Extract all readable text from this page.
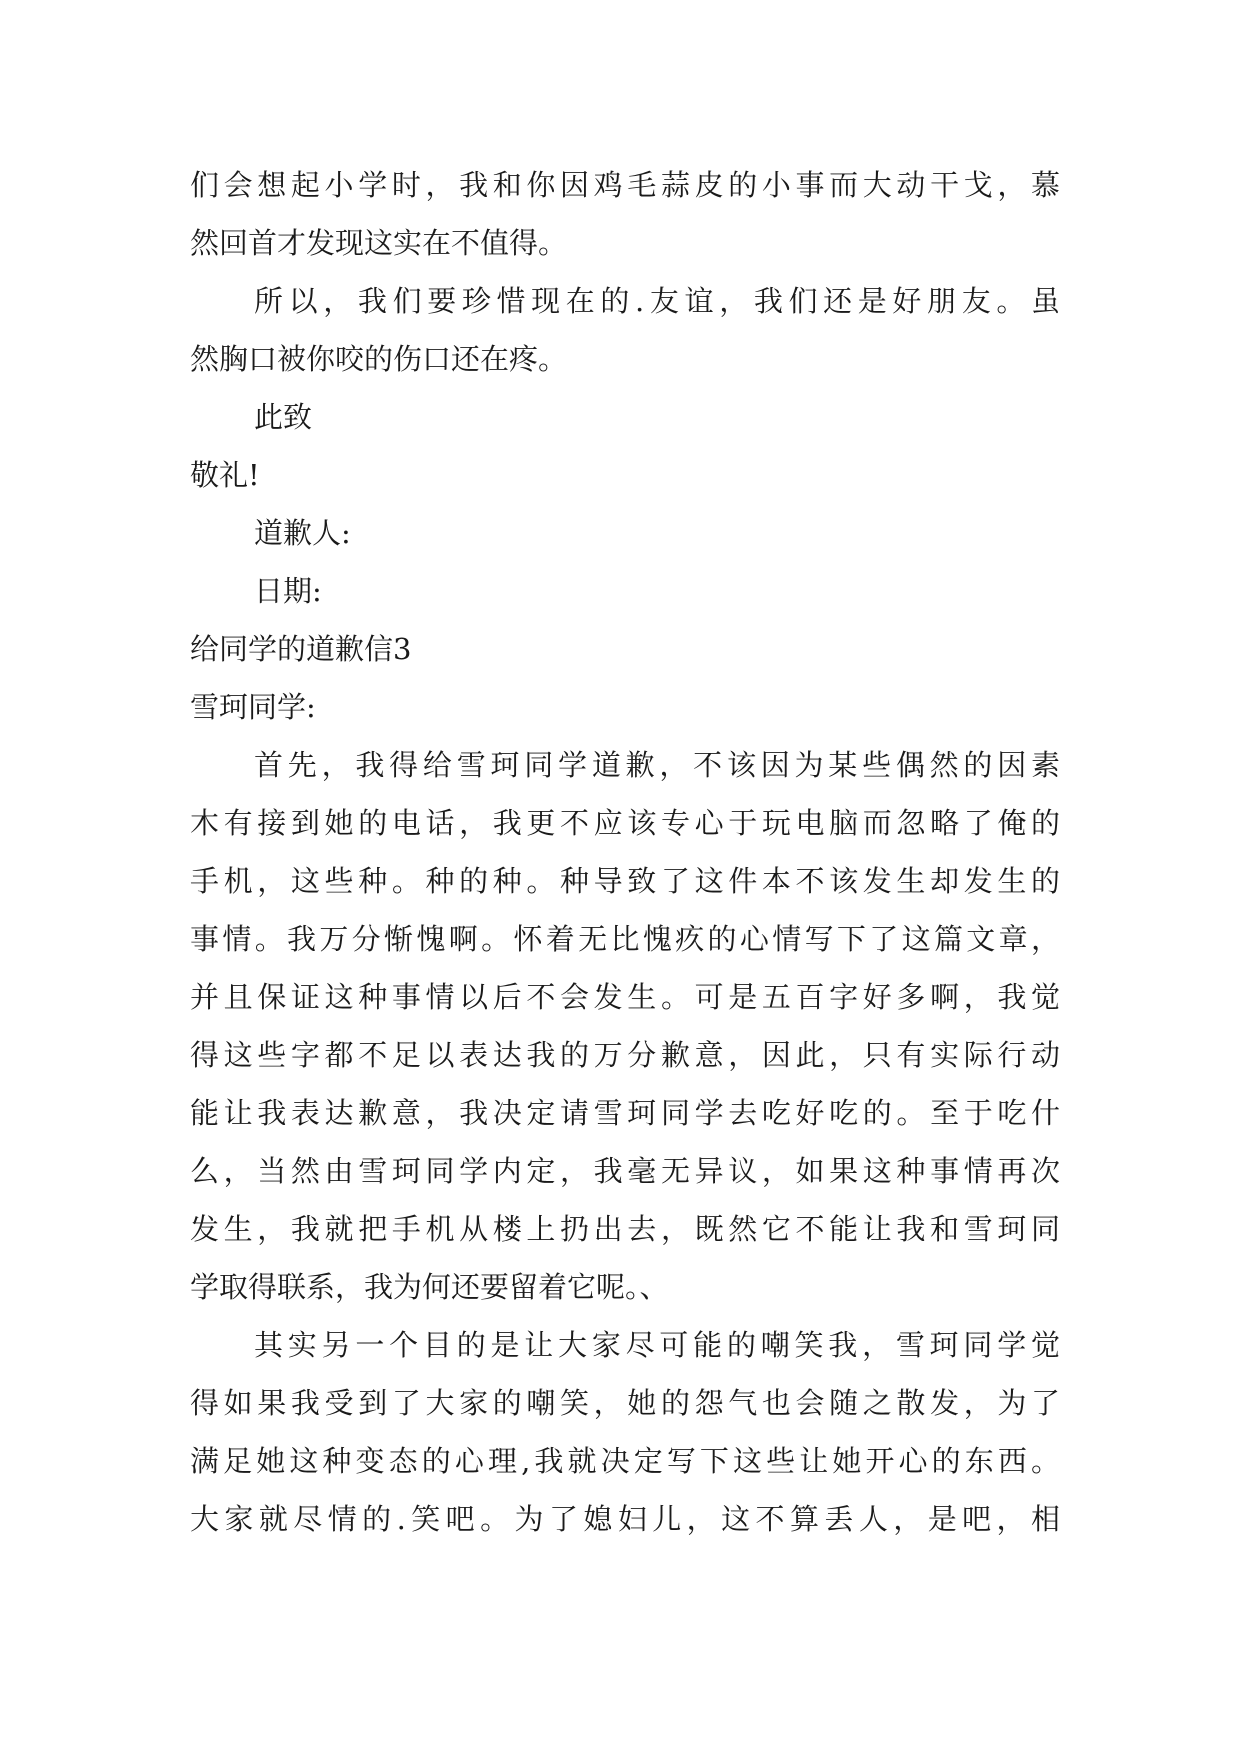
们会想起小学时，我和你因鸡毛蒜皮的小事而大动干戈，慕

然回首才发现这实在不值得。

所以，我们要珍惜现在的.友谊，我们还是好朋友。虽

然胸口被你咬的伤口还在疼。

此致

敬礼!

道歉人:

日期:

给同学的道歉信3

雪珂同学:

首先，我得给雪珂同学道歉，不该因为某些偶然的因素

木有接到她的电话，我更不应该专心于玩电脑而忽略了俺的

手机，这些种。种的种。种导致了这件本不该发生却发生的

事情。我万分惭愧啊。怀着无比愧疚的心情写下了这篇文章，

并且保证这种事情以后不会发生。可是五百字好多啊，我觉

得这些字都不足以表达我的万分歉意，因此，只有实际行动

能让我表达歉意，我决定请雪珂同学去吃好吃的。至于吃什

么，当然由雪珂同学内定，我毫无异议，如果这种事情再次

发生，我就把手机从楼上扔出去，既然它不能让我和雪珂同

学取得联系，我为何还要留着它呢。、

其实另一个目的是让大家尽可能的嘲笑我，雪珂同学觉

得如果我受到了大家的嘲笑，她的怨气也会随之散发，为了

满足她这种变态的心理,我就决定写下这些让她开心的东西。

大家就尽情的.笑吧。为了媳妇儿，这不算丢人，是吧，相
